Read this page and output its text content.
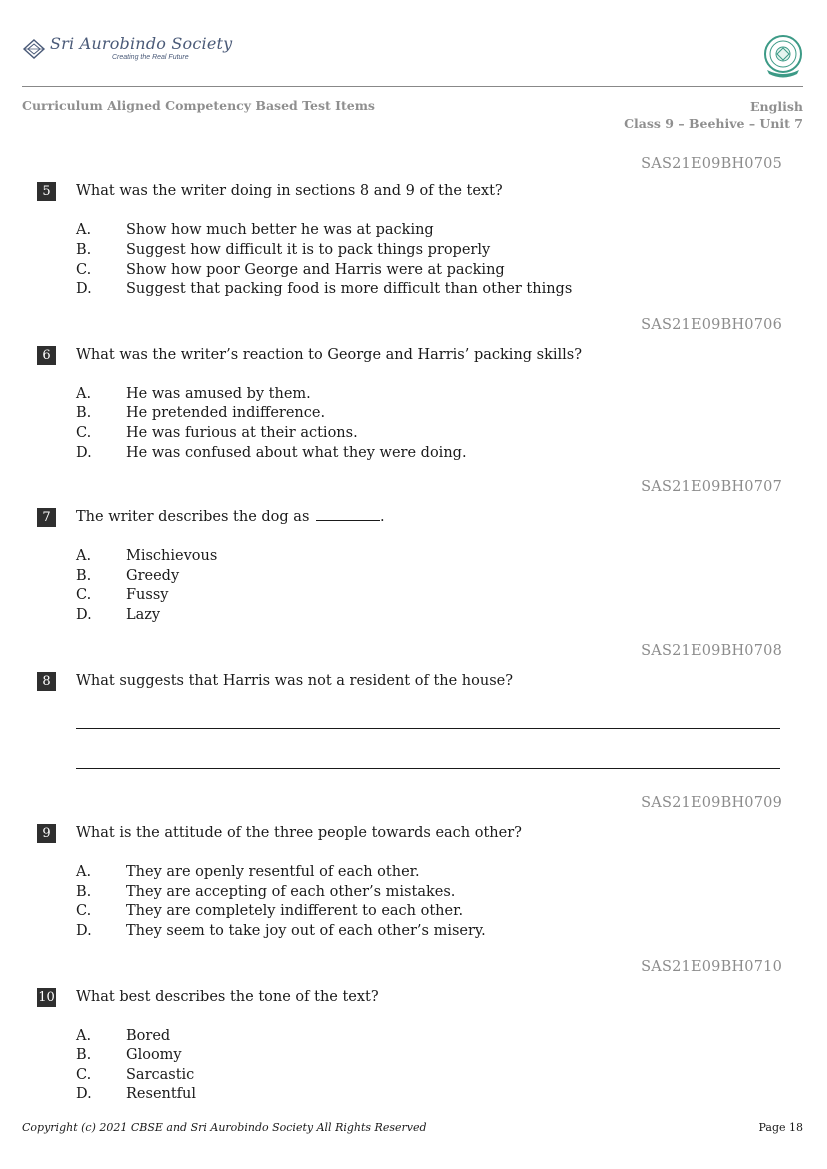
Sri Aurobindo Society
Creating the Real Future
Curriculum Aligned Competency Based Test Items	English
Class 9 – Beehive – Unit 7
SAS21E09BH0705
5	What was the writer doing in sections 8 and 9 of the text?
A. Show how much better he was at packing
B. Suggest how difficult it is to pack things properly
C. Show how poor George and Harris were at packing
D. Suggest that packing food is more difficult than other things
SAS21E09BH0706
6	What was the writer’s reaction to George and Harris’ packing skills?
A. He was amused by them.
B. He pretended indifference.
C. He was furious at their actions.
D. He was confused about what they were doing.
SAS21E09BH0707
7	The writer describes the dog as	.
A. Mischievous
B. Greedy
C. Fussy
D. Lazy
SAS21E09BH0708
8	What suggests that Harris was not a resident of the house?
SAS21E09BH0709
9	What is the attitude of the three people towards each other?
A. They are openly resentful of each other.
B. They are accepting of each other’s mistakes.
C. They are completely indifferent to each other.
D. They seem to take joy out of each other’s misery.
SAS21E09BH0710
10 What best describes the tone of the text?
A. Bored
B. Gloomy
C. Sarcastic
D. Resentful
Copyright (c) 2021 CBSE and Sri Aurobindo Society All Rights Reserved	Page 18
